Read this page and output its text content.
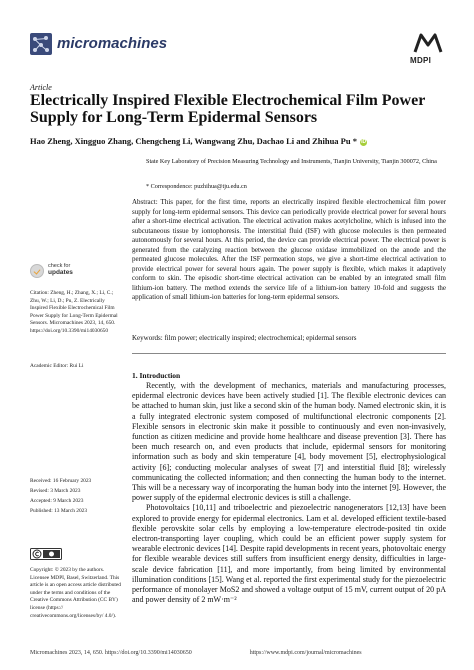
micromachines
MDPI
Article
Electrically Inspired Flexible Electrochemical Film Power Supply for Long-Term Epidermal Sensors
Hao Zheng, Xingguo Zhang, Chengcheng Li, Wangwang Zhu, Dachao Li and Zhihua Pu * iD
State Key Laboratory of Precision Measuring Technology and Instruments, Tianjin University, Tianjin 300072, China
* Correspondence: puzhihua@tju.edu.cn
Abstract: This paper, for the first time, reports an electrically inspired flexible electrochemical film power supply for long-term epidermal sensors. This device can periodically provide electrical power for several hours after a short-time electrical activation. The electrical activation makes acetylcholine, which is infused into the subcutaneous tissue by iontophoresis. The interstitial fluid (ISF) with glucose molecules is then permeated autonomously for several hours. At this period, the device can provide electrical power. The electrical power is generated from the catalyzing reaction between the glucose oxidase immobilized on the anode and the permeated glucose molecules. After the ISF permeation stops, we give a short-time electrical activation to provide electrical power for several hours again. The power supply is flexible, which makes it adaptively conform to skin. The episodic short-time electrical activation can be enabled by an integrated small film lithium-ion battery. The method extends the service life of a lithium-ion battery 10-fold and suggests the application of small lithium-ion batteries for long-term epidermal sensors.
Keywords: film power; electrically inspired; electrochemical; epidermal sensors
check for
updates
Citation: Zheng, H.; Zhang, X.; Li, C.; Zhu, W.; Li, D.; Pu, Z. Electrically Inspired Flexible Electrochemical Film Power Supply for Long-Term Epidermal Sensors. Micromachines 2023, 14, 650. https://doi.org/10.3390/mi14030650
Academic Editor: Rui Li
Received: 16 February 2023
Revised: 3 March 2023
Accepted: 9 March 2023
Published: 13 March 2023
Copyright: © 2023 by the authors. Licensee MDPI, Basel, Switzerland. This article is an open access article distributed under the terms and conditions of the Creative Commons Attribution (CC BY) license (https:// creativecommons.org/licenses/by/ 4.0/).
1. Introduction

Recently, with the development of mechanics, materials and manufacturing processes, epidermal electronic devices have been actively studied [1]. The flexible electronic devices can be attached to human skin, just like a second skin of the human body. Named electronic skin, it is a fully integrated electronic system composed of multifunctional electronic components [2]. Flexible sensors in electronic skin make it possible to continuously and even non-invasively, function as citizen medicine and provide home healthcare and disease prevention [3]. There has been much research on, and even products that include, epidermal sensors for monitoring information such as body and skin temperature [4], body movement [5], electrophysiological activity [6]; conducting molecular analyses of sweat [7] and interstitial fluid [8]; wirelessly communicating the collected information; and then connecting the human body to the internet. This will be a necessary way of incorporating the human body into the internet [9]. However, the power supply of the epidermal electronic devices is still a challenge.

Photovoltaics [10,11] and triboelectric and piezoelectric nanogenerators [12,13] have been explored to provide energy for epidermal electronics. Lam et al. developed efficient textile-based flexible perovskite solar cells by employing a low-temperature electrode-posited tin oxide electron-transporting layer coupling, which could be an efficient power supply system for wearable electronic devices [14]. Despite rapid developments in recent years, photovoltaic energy for flexible wearable devices still suffers from insufficient energy density, difficulties in large-scale device fabrication [11], and more importantly, from being limited by environmental illumination conditions [15]. Wang et al. reported the first experimental study for the piezoelectric performance of monolayer MoS2 and showed a voltage output of 15 mV, current output of 20 pA and power density of 2 mW·m⁻²

Micromachines 2023, 14, 650. https://doi.org/10.3390/mi14030650	https://www.mdpi.com/journal/micromachines
